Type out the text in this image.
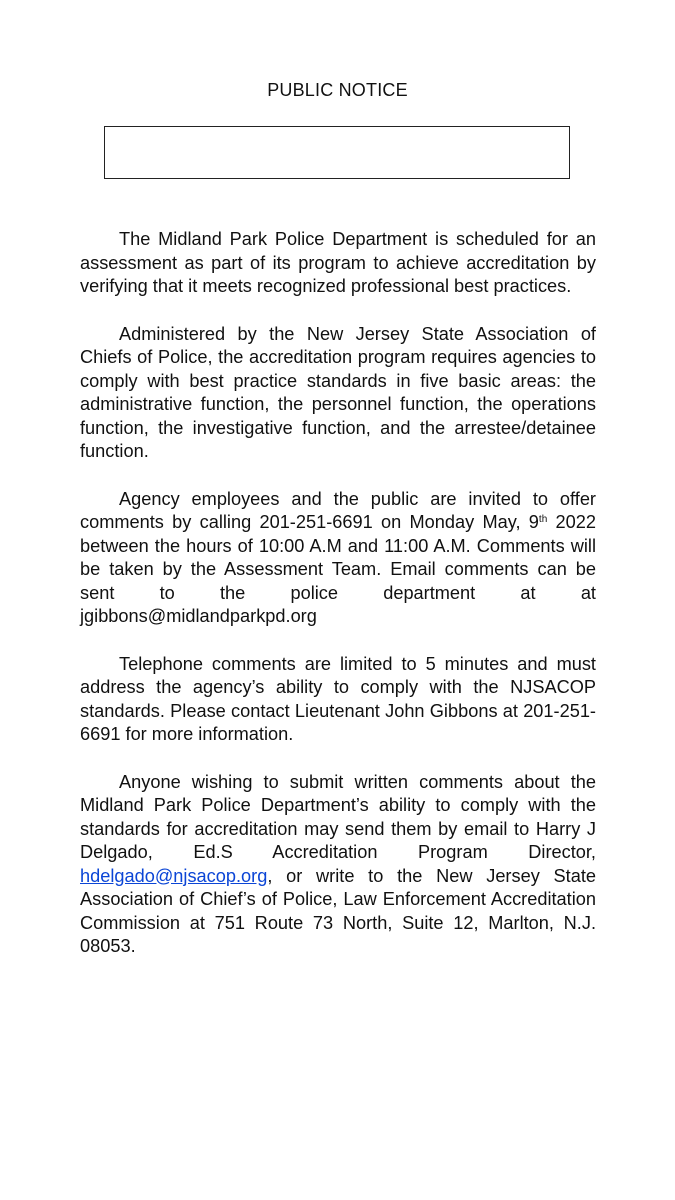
PUBLIC NOTICE

The Midland Park Police Department is scheduled for an assessment as part of its program to achieve accreditation by verifying that it meets recognized professional best practices.

Administered by the New Jersey State Association of Chiefs of Police, the accreditation program requires agencies to comply with best practice standards in five basic areas: the administrative function, the personnel function, the operations function, the investigative function, and the arrestee/detainee function.

Agency employees and the public are invited to offer comments by calling 201-251-6691 on Monday May, 9th 2022 between the hours of 10:00 A.M and 11:00 A.M. Comments will be taken by the Assessment Team. Email comments can be sent to the police department at at jgibbons@midlandparkpd.org

Telephone comments are limited to 5 minutes and must address the agency’s ability to comply with the NJSACOP standards. Please contact Lieutenant John Gibbons at 201-251-6691 for more information.

Anyone wishing to submit written comments about the Midland Park Police Department’s ability to comply with the standards for accreditation may send them by email to Harry J Delgado, Ed.S Accreditation Program Director, hdelgado@njsacop.org, or write to the New Jersey State Association of Chief’s of Police, Law Enforcement Accreditation Commission at 751 Route 73 North, Suite 12, Marlton, N.J. 08053.
